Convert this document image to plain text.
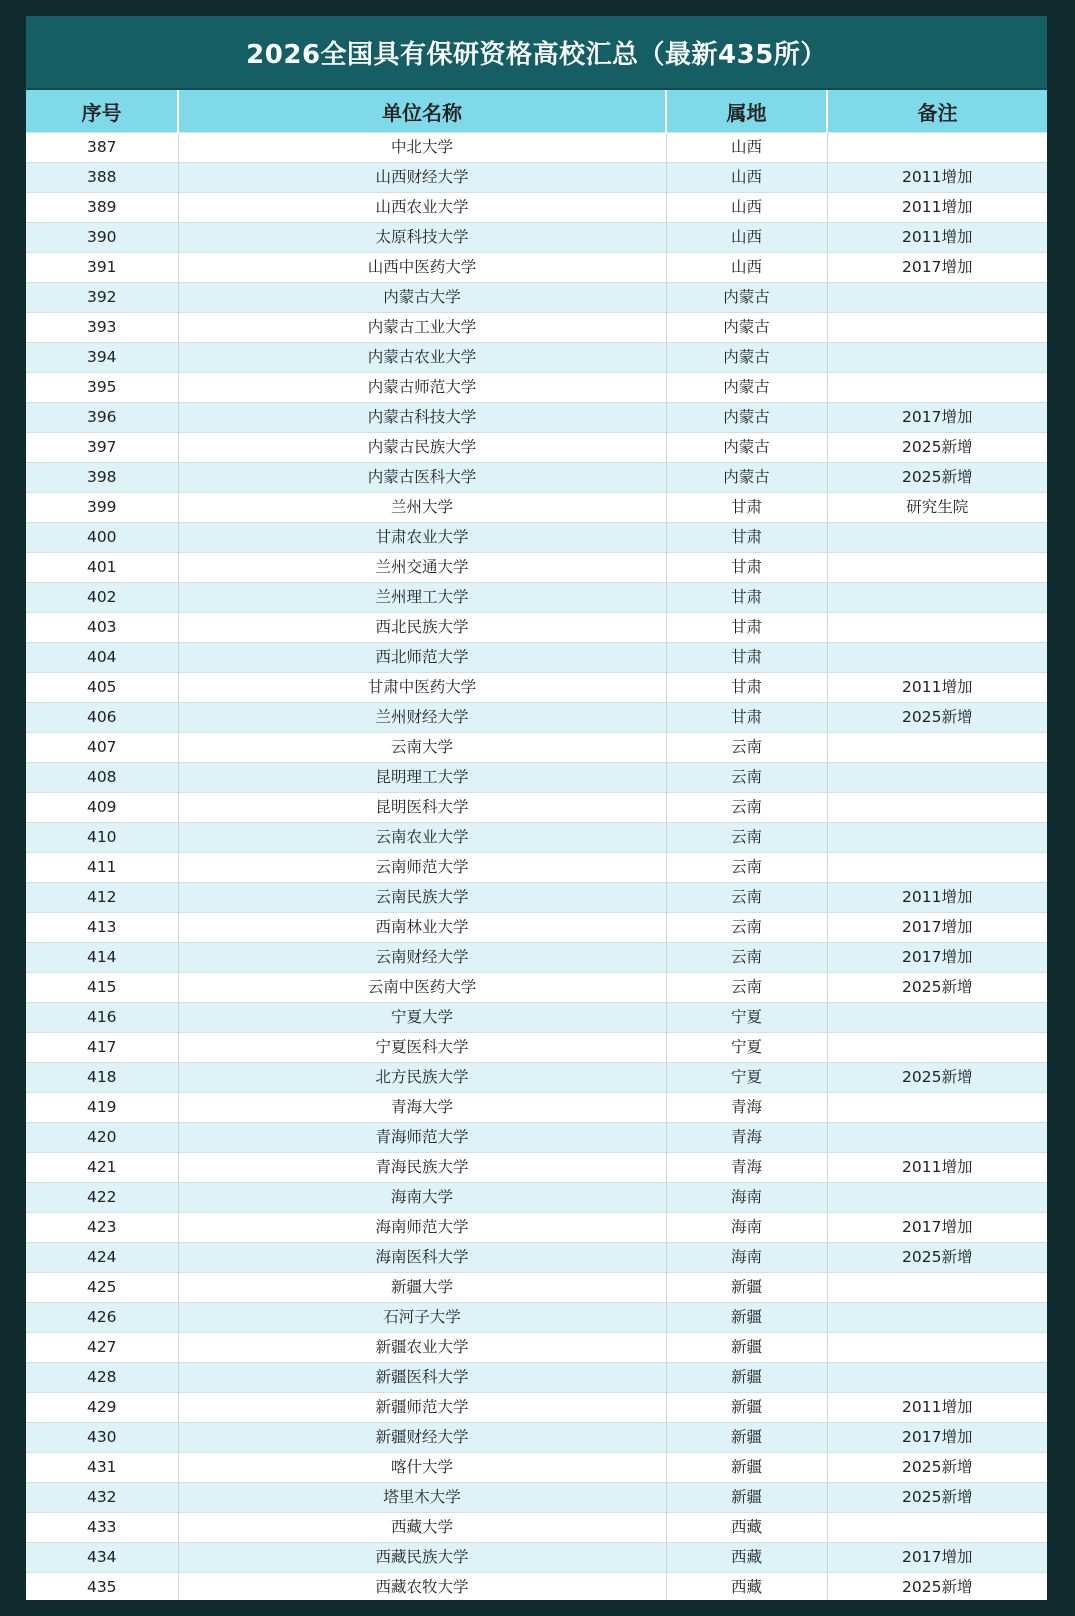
2026全国具有保研资格高校汇总（最新435所）
序号	单位名称	属地	备注
387	中北大学	山西	
388	山西财经大学	山西	2011增加
389	山西农业大学	山西	2011增加
390	太原科技大学	山西	2011增加
391	山西中医药大学	山西	2017增加
392	内蒙古大学	内蒙古	
393	内蒙古工业大学	内蒙古	
394	内蒙古农业大学	内蒙古	
395	内蒙古师范大学	内蒙古	
396	内蒙古科技大学	内蒙古	2017增加
397	内蒙古民族大学	内蒙古	2025新增
398	内蒙古医科大学	内蒙古	2025新增
399	兰州大学	甘肃	研究生院
400	甘肃农业大学	甘肃	
401	兰州交通大学	甘肃	
402	兰州理工大学	甘肃	
403	西北民族大学	甘肃	
404	西北师范大学	甘肃	
405	甘肃中医药大学	甘肃	2011增加
406	兰州财经大学	甘肃	2025新增
407	云南大学	云南	
408	昆明理工大学	云南	
409	昆明医科大学	云南	
410	云南农业大学	云南	
411	云南师范大学	云南	
412	云南民族大学	云南	2011增加
413	西南林业大学	云南	2017增加
414	云南财经大学	云南	2017增加
415	云南中医药大学	云南	2025新增
416	宁夏大学	宁夏	
417	宁夏医科大学	宁夏	
418	北方民族大学	宁夏	2025新增
419	青海大学	青海	
420	青海师范大学	青海	
421	青海民族大学	青海	2011增加
422	海南大学	海南	
423	海南师范大学	海南	2017增加
424	海南医科大学	海南	2025新增
425	新疆大学	新疆	
426	石河子大学	新疆	
427	新疆农业大学	新疆	
428	新疆医科大学	新疆	
429	新疆师范大学	新疆	2011增加
430	新疆财经大学	新疆	2017增加
431	喀什大学	新疆	2025新增
432	塔里木大学	新疆	2025新增
433	西藏大学	西藏	
434	西藏民族大学	西藏	2017增加
435	西藏农牧大学	西藏	2025新增
